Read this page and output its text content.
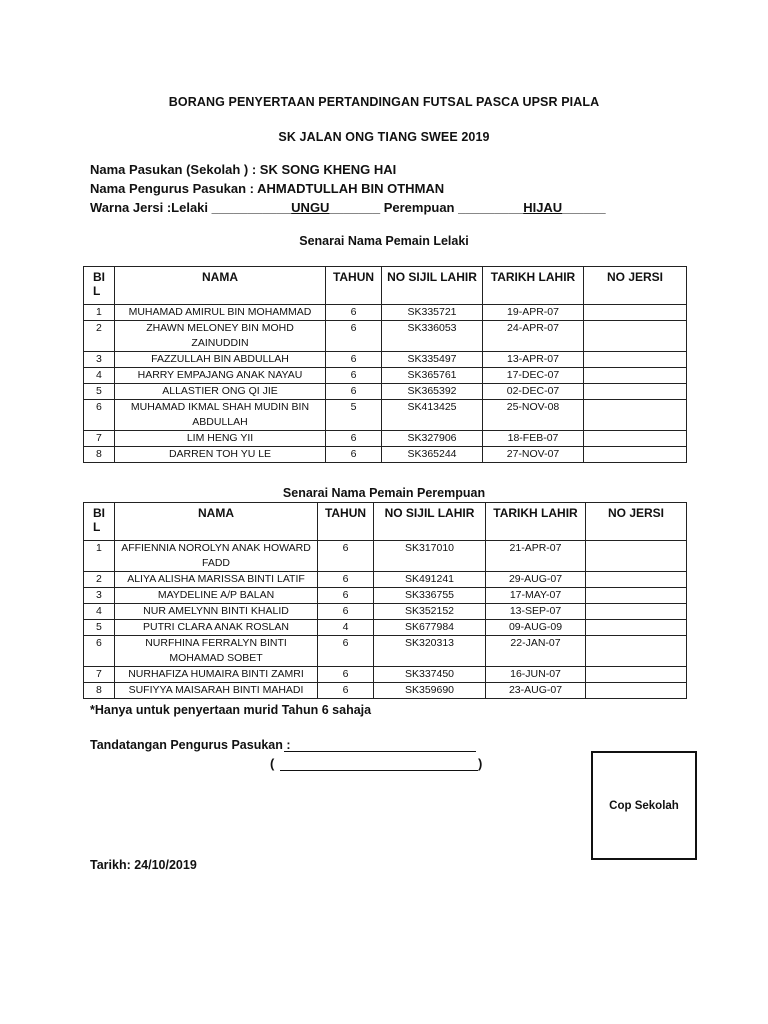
BORANG PENYERTAAN PERTANDINGAN FUTSAL PASCA UPSR PIALA
SK JALAN ONG TIANG SWEE 2019
Nama Pasukan (Sekolah ) : SK SONG KHENG HAI
Nama Pengurus Pasukan : AHMADTULLAH BIN OTHMAN
Warna Jersi :Lelaki ___________UNGU_______ Perempuan _________HIJAU______
Senarai Nama Pemain Lelaki
BI L	NAMA	TAHUN	NO SIJIL LAHIR	TARIKH LAHIR	NO JERSI
1	MUHAMAD AMIRUL BIN MOHAMMAD	6	SK335721	19-APR-07	
2	ZHAWN MELONEY BIN MOHD ZAINUDDIN	6	SK336053	24-APR-07	
3	FAZZULLAH BIN ABDULLAH	6	SK335497	13-APR-07	
4	HARRY EMPAJANG ANAK NAYAU	6	SK365761	17-DEC-07	
5	ALLASTIER ONG QI JIE	6	SK365392	02-DEC-07	
6	MUHAMAD IKMAL SHAH MUDIN BIN ABDULLAH	5	SK413425	25-NOV-08	
7	LIM HENG YII	6	SK327906	18-FEB-07	
8	DARREN TOH YU LE	6	SK365244	27-NOV-07	
Senarai Nama Pemain Perempuan
BI L	NAMA	TAHUN	NO SIJIL LAHIR	TARIKH LAHIR	NO JERSI
1	AFFIENNIA NOROLYN ANAK HOWARD FADD	6	SK317010	21-APR-07	
2	ALIYA ALISHA MARISSA BINTI LATIF	6	SK491241	29-AUG-07	
3	MAYDELINE A/P BALAN	6	SK336755	17-MAY-07	
4	NUR AMELYNN BINTI KHALID	6	SK352152	13-SEP-07	
5	PUTRI CLARA ANAK ROSLAN	4	SK677984	09-AUG-09	
6	NURFHINA FERRALYN BINTI MOHAMAD SOBET	6	SK320313	22-JAN-07	
7	NURHAFIZA HUMAIRA BINTI ZAMRI	6	SK337450	16-JUN-07	
8	SUFIYYA MAISARAH BINTI MAHADI	6	SK359690	23-AUG-07	
*Hanya untuk penyertaan murid Tahun 6 sahaja
Tandatangan Pengurus Pasukan :
(	)
Cop Sekolah
Tarikh: 24/10/2019
